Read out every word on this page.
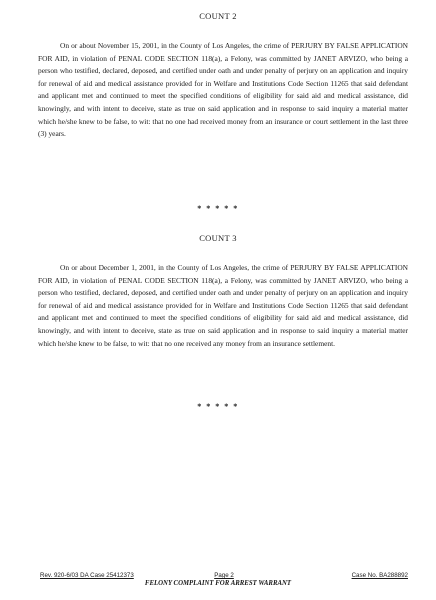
COUNT 2

On or about November 15, 2001, in the County of Los Angeles, the crime of PERJURY BY FALSE APPLICATION FOR AID, in violation of PENAL CODE SECTION 118(a), a Felony, was committed by JANET ARVIZO, who being a person who testified, declared, deposed, and certified under oath and under penalty of perjury on an application and inquiry for renewal of aid and medical assistance provided for in Welfare and Institutions Code Section 11265 that said defendant and applicant met and continued to meet the specified conditions of eligibility for said aid and medical assistance, did knowingly, and with intent to deceive, state as true on said application and in response to said inquiry a material matter which he/she knew to be false, to wit: that no one had received money from an insurance or court settlement in the last three (3) years.

* * * * *
COUNT 3

On or about December 1, 2001, in the County of Los Angeles, the crime of PERJURY BY FALSE APPLICATION FOR AID, in violation of PENAL CODE SECTION 118(a), a Felony, was committed by JANET ARVIZO, who being a person who testified, declared, deposed, and certified under oath and under penalty of perjury on an application and inquiry for renewal of aid and medical assistance provided for in Welfare and Institutions Code Section 11265 that said defendant and applicant met and continued to meet the specified conditions of eligibility for said aid and medical assistance, did knowingly, and with intent to deceive, state as true on said application and in response to said inquiry a material matter which he/she knew to be false, to wit: that no one received any money from an insurance settlement.

* * * * *
Rev. 920-6/03 DA Case 25412373	Page 2	Case No. BA288892
FELONY COMPLAINT FOR ARREST WARRANT
